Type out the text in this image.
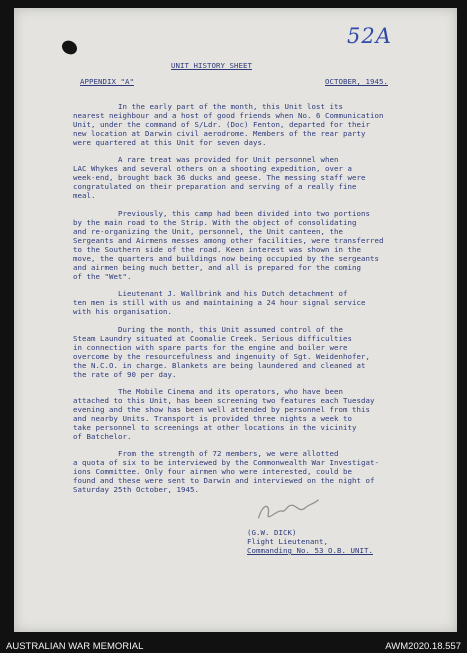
52A
UNIT HISTORY SHEET
APPENDIX "A"	OCTOBER, 1945.
In the early part of the month, this Unit lost its
nearest neighbour and a host of good friends when No. 6 Communication
Unit, under the command of S/Ldr. (Doc) Fenton, departed for their
new location at Darwin civil aerodrome. Members of the rear party
were quartered at this Unit for seven days.
A rare treat was provided for Unit personnel when
LAC Whykes and several others on a shooting expedition, over a
week-end, brought back 36 ducks and geese. The messing staff were
congratulated on their preparation and serving of a really fine
meal.
Previously, this camp had been divided into two portions
by the main road to the Strip. With the object of consolidating
and re-organizing the Unit, personnel, the Unit canteen, the
Sergeants and Airmens messes among other facilities, were transferred
to the Southern side of the road. Keen interest was shown in the
move, the quarters and buildings now being occupied by the sergeants
and airmen being much better, and all is prepared for the coming
of the "Wet".
Lieutenant J. Wallbrink and his Dutch detachment of
ten men is still with us and maintaining a 24 hour signal service
with his organisation.
During the month, this Unit assumed control of the
Steam Laundry situated at Coomalie Creek. Serious difficulties
in connection with spare parts for the engine and boiler were
overcome by the resourcefulness and ingenuity of Sgt. Weidenhofer,
the N.C.O. in charge. Blankets are being laundered and cleaned at
the rate of 90 per day.
The Mobile Cinema and its operators, who have been
attached to this Unit, has been screening two features each Tuesday
evening and the show has been well attended by personnel from this
and nearby Units. Transport is provided three nights a week to
take personnel to screenings at other locations in the vicinity
of Batchelor.
From the strength of 72 members, we were allotted
a quota of six to be interviewed by the Commonwealth War Investigat-
ions Committee. Only four airmen who were interested, could be
found and these were sent to Darwin and interviewed on the night of
Saturday 25th October, 1945.
(G.W. DICK)
Flight Lieutenant,
Commanding No. 53 O.B. UNIT.
AUSTRALIAN WAR MEMORIAL	AWM2020.18.557
